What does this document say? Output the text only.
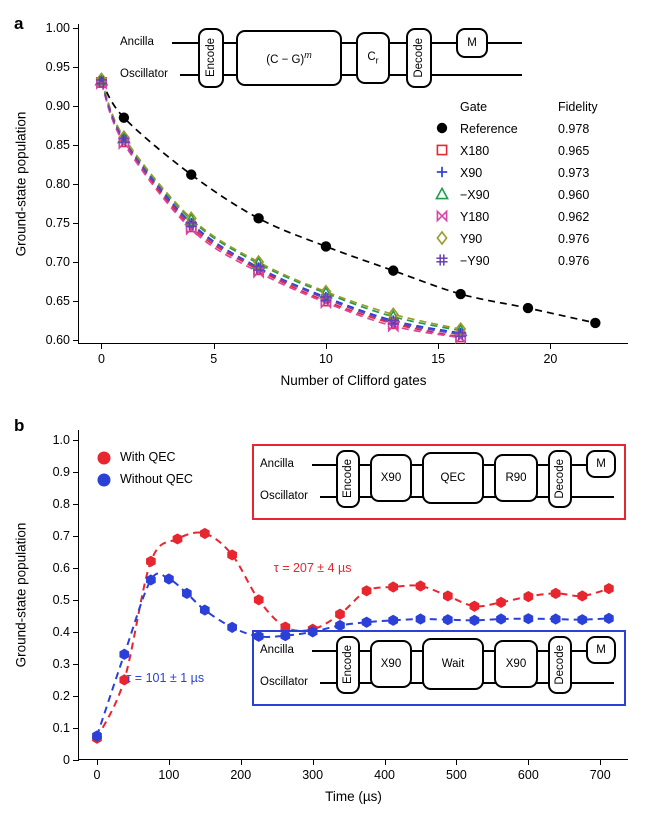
a
Ground-state population
Number of Clifford gates
0.60
0.65
0.70
0.75
0.80
0.85
0.90
0.95
1.00
0	5	10	15	20
Ancilla
Oscillator	Encode	$(C - G)^m$	$C_r$	Decode	M
Gate	Fidelity
Reference	0.978
X180	0.965
X90	0.973
−X90	0.960
Y180	0.962
Y90	0.976
−Y90	0.976
b
Ground-state population
Time (µs)
0
0.1
0.2
0.3
0.4
0.5
0.6
0.7
0.8
0.9
1.0
0	100	200	300	400	500	600	700
τ = 207 ± 4 µs
τ = 101 ± 1 µs
With QEC
Without QEC
Ancilla
Oscillator	Encode X90	QEC	R90 Decode	M
Ancilla
Oscillator	Encode X90	Wait	X90 Decode	M
